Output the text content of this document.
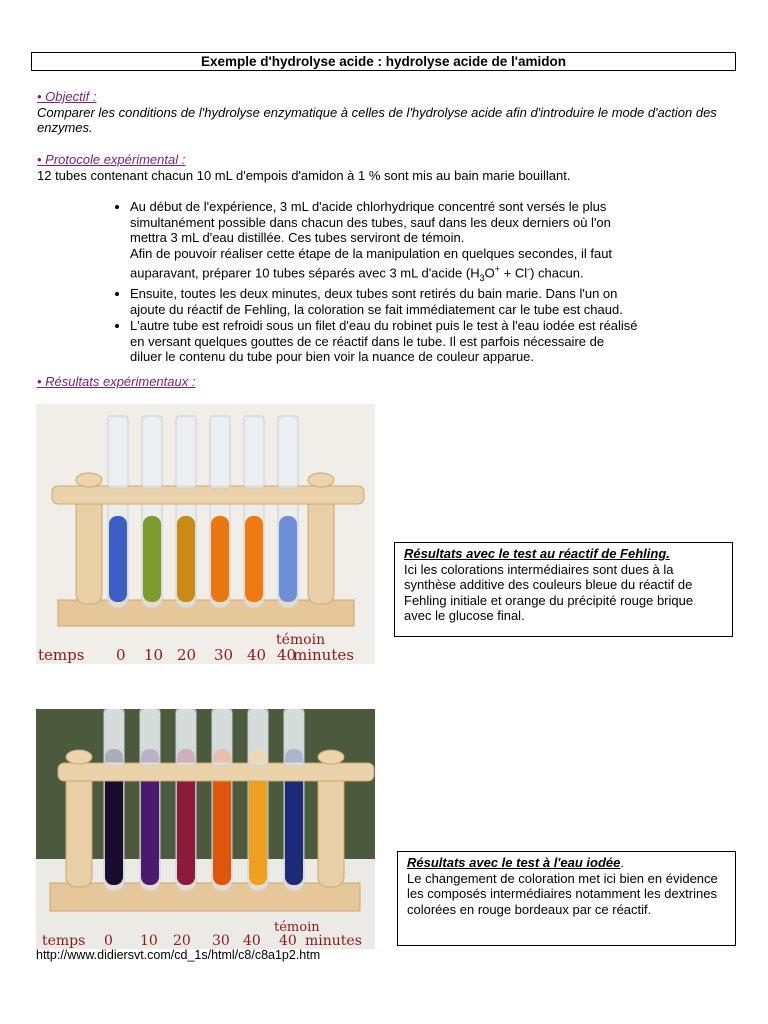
Exemple d'hydrolyse acide : hydrolyse acide de l'amidon
• Objectif :
Comparer les conditions de l'hydrolyse enzymatique à celles de l'hydrolyse acide afin d'introduire le mode d'action des enzymes.
• Protocole expérimental :
12 tubes contenant chacun 10 mL d'empois d'amidon à 1 % sont mis au bain marie bouillant.
• Au début de l'expérience, 3 mL d'acide chlorhydrique concentré sont versés le plus
simultanément possible dans chacun des tubes, sauf dans les deux derniers où l'on
mettra 3 mL d'eau distillée. Ces tubes serviront de témoin.
Afin de pouvoir réaliser cette étape de la manipulation en quelques secondes, il faut
auparavant, préparer 10 tubes séparés avec 3 mL d'acide $(H_3O^+ + Cl^-)$ chacun.
• Ensuite, toutes les deux minutes, deux tubes sont retirés du bain marie. Dans l'un on
ajoute du réactif de Fehling, la coloration se fait immédiatement car le tube est chaud.
• L'autre tube est refroidi sous un filet d'eau du robinet puis le test à l'eau iodée est réalisé
en versant quelques gouttes de ce réactif dans le tube. Il est parfois nécessaire de
diluer le contenu du tube pour bien voir la nuance de couleur apparue.
• Résultats expérimentaux :
temps 0 10 20 30 40 40
témoin
minutes
Résultats avec le test au réactif de Fehling.
Ici les colorations intermédiaires sont dues à la synthèse additive des couleurs bleue du réactif de Fehling initiale et orange du précipité rouge brique avec le glucose final.
temps 0 10 20 30 40 40
témoin
minutes
Résultats avec le test à l'eau iodée.
Le changement de coloration met ici bien en évidence les composés intermédiaires notamment les dextrines colorées en rouge bordeaux par ce réactif.
http://www.didiersvt.com/cd_1s/html/c8/c8a1p2.htm
